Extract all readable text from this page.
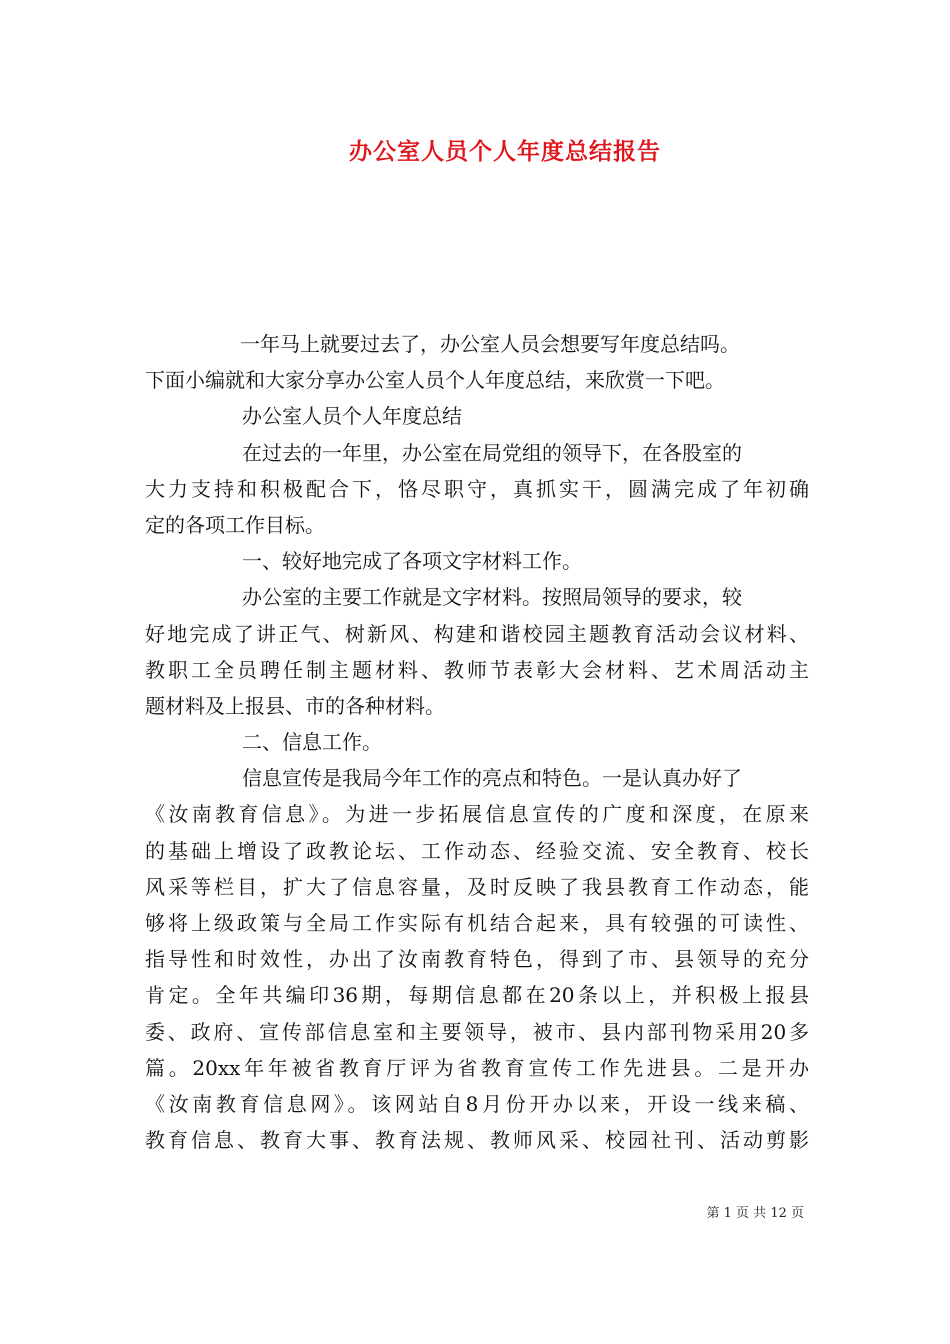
办公室人员个人年度总结报告
一年马上就要过去了，办公室人员会想要写年度总结吗。
下面小编就和大家分享办公室人员个人年度总结，来欣赏一下吧。
办公室人员个人年度总结
在过去的一年里，办公室在局党组的领导下，在各股室的
大力支持和积极配合下，恪尽职守，真抓实干，圆满完成了年初确
定的各项工作目标。
一、较好地完成了各项文字材料工作。
办公室的主要工作就是文字材料。按照局领导的要求，较
好地完成了讲正气、树新风、构建和谐校园主题教育活动会议材料、
教职工全员聘任制主题材料、教师节表彰大会材料、艺术周活动主
题材料及上报县、市的各种材料。
二、信息工作。
信息宣传是我局今年工作的亮点和特色。一是认真办好了
《汝南教育信息》。为进一步拓展信息宣传的广度和深度，在原来
的基础上增设了政教论坛、工作动态、经验交流、安全教育、校长
风采等栏目，扩大了信息容量，及时反映了我县教育工作动态，能
够将上级政策与全局工作实际有机结合起来，具有较强的可读性、
指导性和时效性，办出了汝南教育特色，得到了市、县领导的充分
肯定。全年共编印36期，每期信息都在20条以上，并积极上报县
委、政府、宣传部信息室和主要领导，被市、县内部刊物采用20多
篇。20xx年年被省教育厅评为省教育宣传工作先进县。二是开办
《汝南教育信息网》。该网站自8月份开办以来，开设一线来稿、
教育信息、教育大事、教育法规、教师风采、校园社刊、活动剪影
第 1 页 共 12 页
